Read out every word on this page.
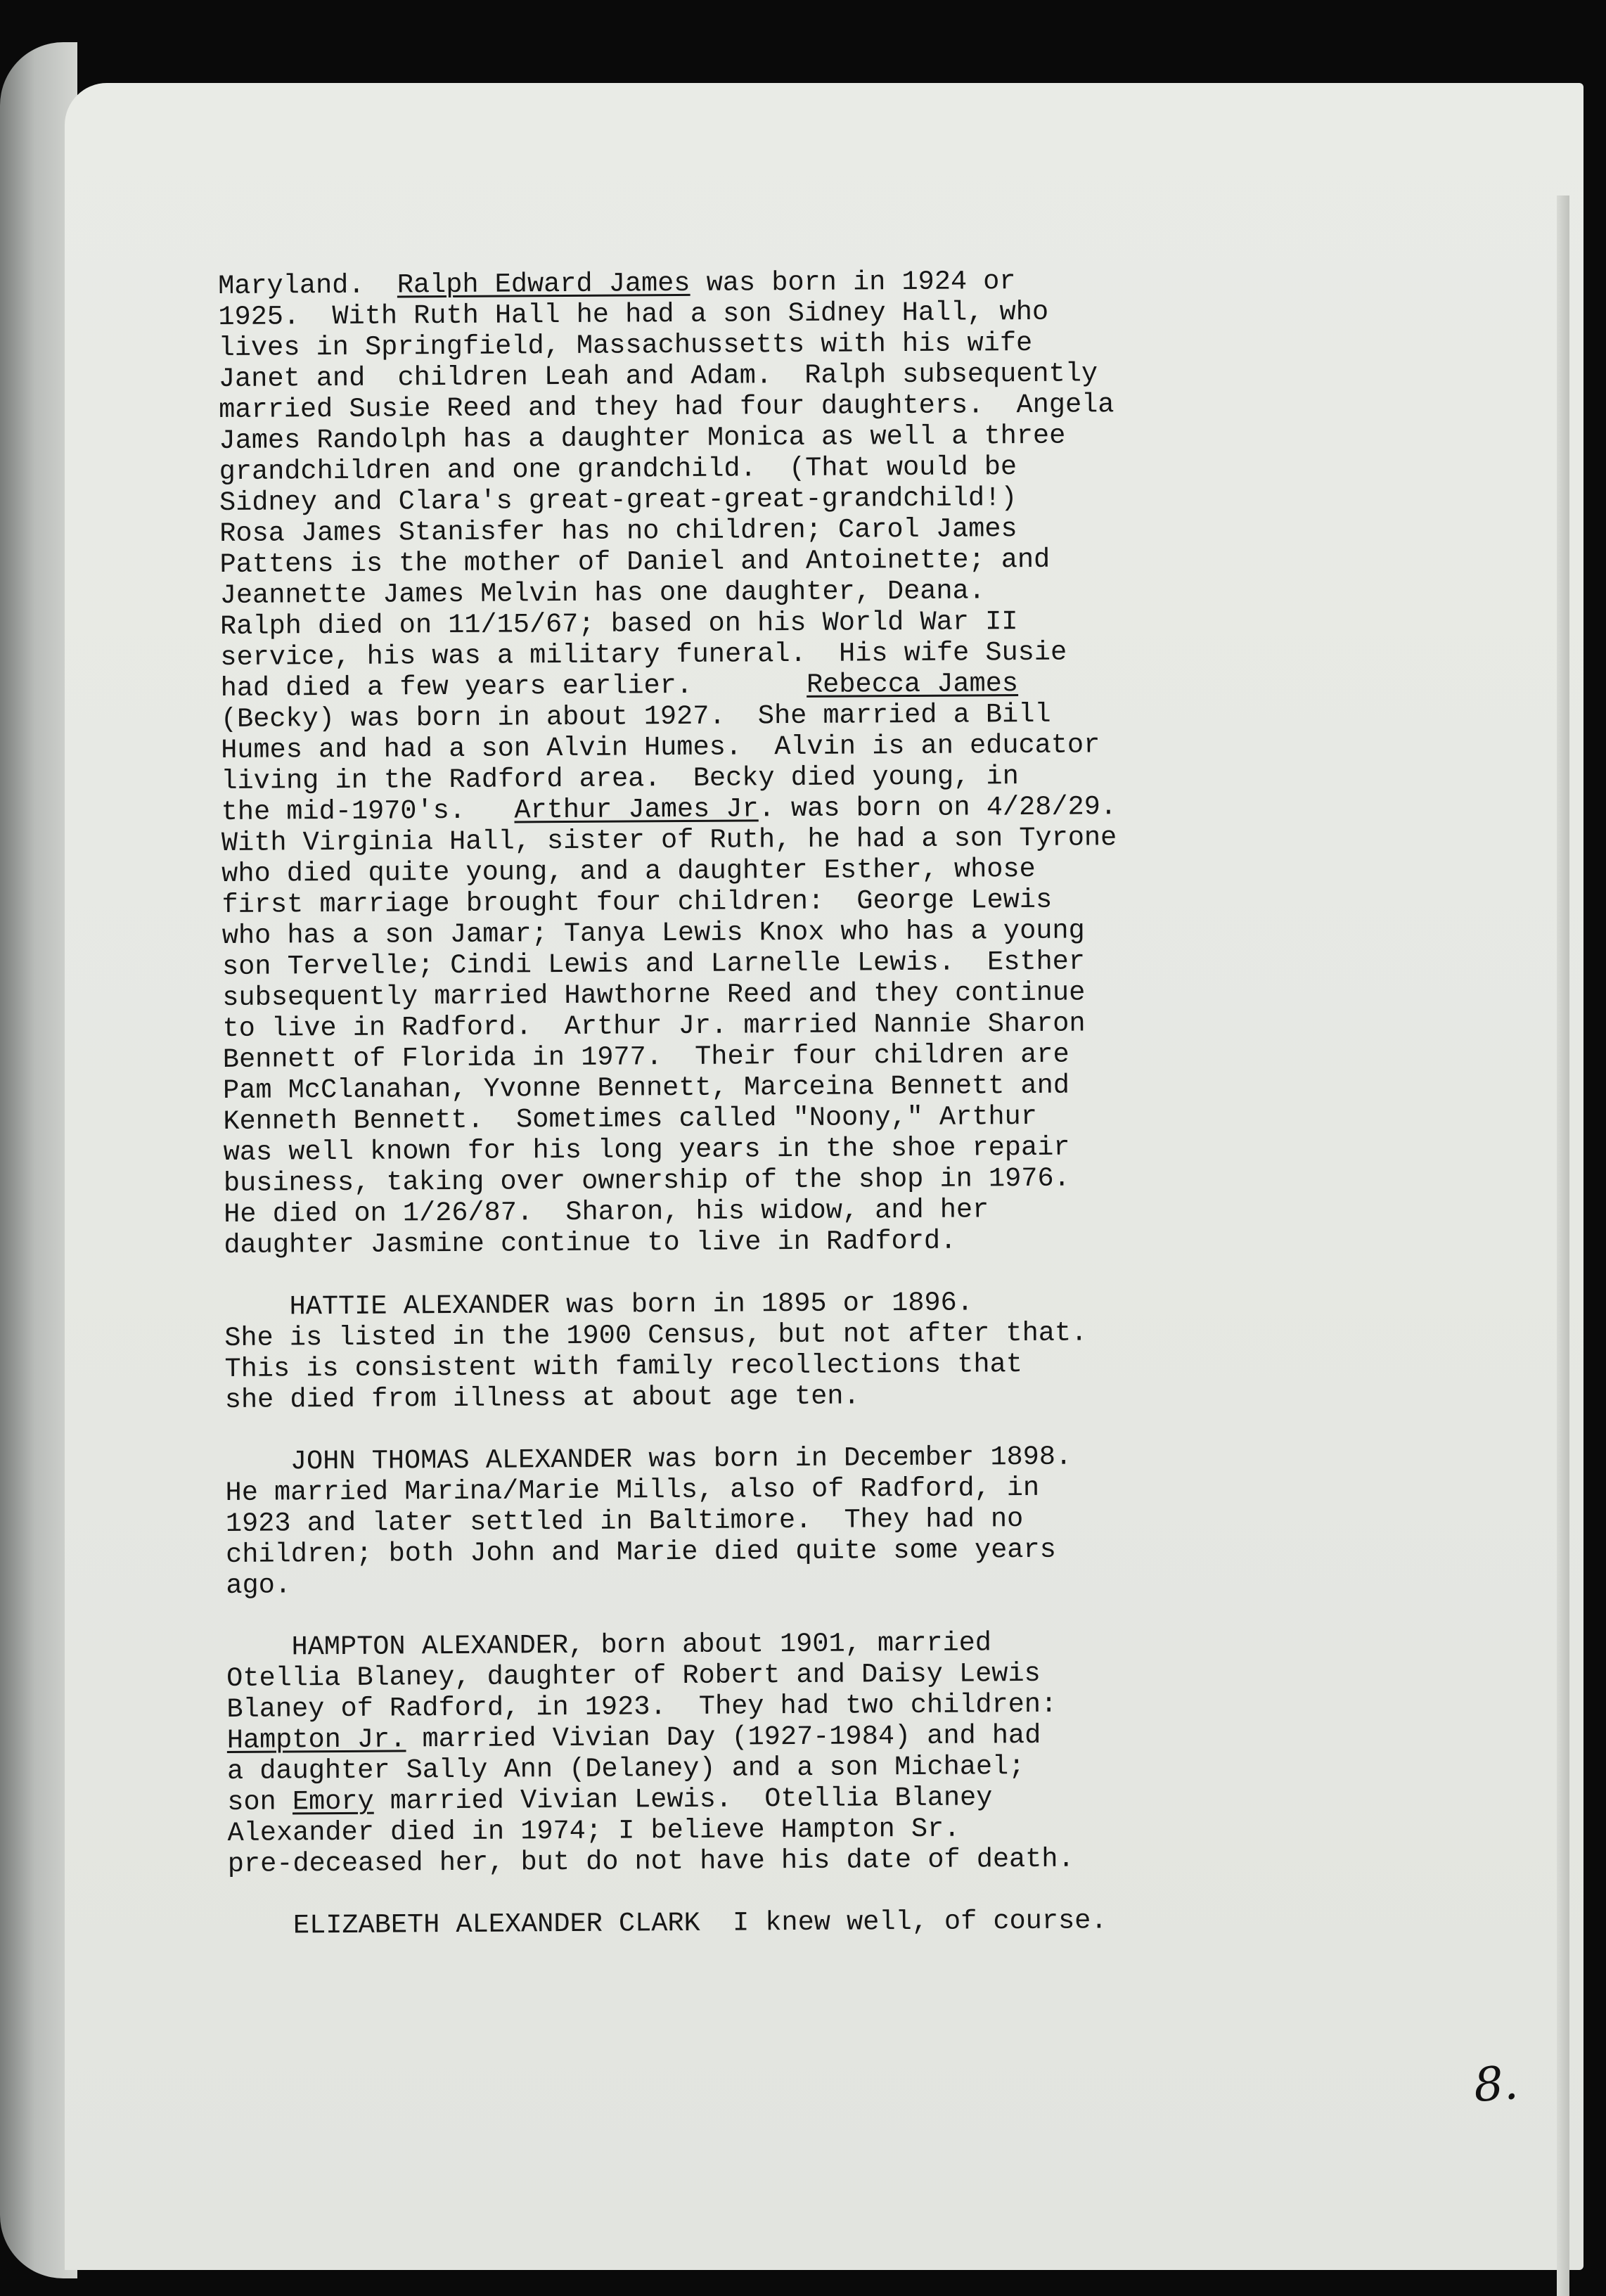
Maryland.  Ralph Edward James was born in 1924 or
1925.  With Ruth Hall he had a son Sidney Hall, who
lives in Springfield, Massachussetts with his wife
Janet and  children Leah and Adam.  Ralph subsequently
married Susie Reed and they had four daughters.  Angela
James Randolph has a daughter Monica as well a three
grandchildren and one grandchild.  (That would be
Sidney and Clara's great-great-great-grandchild!)
Rosa James Stanisfer has no children; Carol James
Pattens is the mother of Daniel and Antoinette; and
Jeannette James Melvin has one daughter, Deana.
Ralph died on 11/15/67; based on his World War II
service, his was a military funeral.  His wife Susie
had died a few years earlier.       Rebecca James
(Becky) was born in about 1927.  She married a Bill
Humes and had a son Alvin Humes.  Alvin is an educator
living in the Radford area.  Becky died young, in
the mid-1970's.   Arthur James Jr. was born on 4/28/29.
With Virginia Hall, sister of Ruth, he had a son Tyrone
who died quite young, and a daughter Esther, whose
first marriage brought four children:  George Lewis
who has a son Jamar; Tanya Lewis Knox who has a young
son Tervelle; Cindi Lewis and Larnelle Lewis.  Esther
subsequently married Hawthorne Reed and they continue
to live in Radford.  Arthur Jr. married Nannie Sharon
Bennett of Florida in 1977.  Their four children are
Pam McClanahan, Yvonne Bennett, Marceina Bennett and
Kenneth Bennett.  Sometimes called "Noony," Arthur
was well known for his long years in the shoe repair
business, taking over ownership of the shop in 1976.
He died on 1/26/87.  Sharon, his widow, and her
daughter Jasmine continue to live in Radford.
HATTIE ALEXANDER was born in 1895 or 1896.
She is listed in the 1900 Census, but not after that.
This is consistent with family recollections that
she died from illness at about age ten.
JOHN THOMAS ALEXANDER was born in December 1898.
He married Marina/Marie Mills, also of Radford, in
1923 and later settled in Baltimore.  They had no
children; both John and Marie died quite some years
ago.
HAMPTON ALEXANDER, born about 1901, married
Otellia Blaney, daughter of Robert and Daisy Lewis
Blaney of Radford, in 1923.  They had two children:
Hampton Jr. married Vivian Day (1927-1984) and had
a daughter Sally Ann (Delaney) and a son Michael;
son Emory married Vivian Lewis.  Otellia Blaney
Alexander died in 1974; I believe Hampton Sr.
pre-deceased her, but do not have his date of death.
ELIZABETH ALEXANDER CLARK  I knew well, of course.
8.
